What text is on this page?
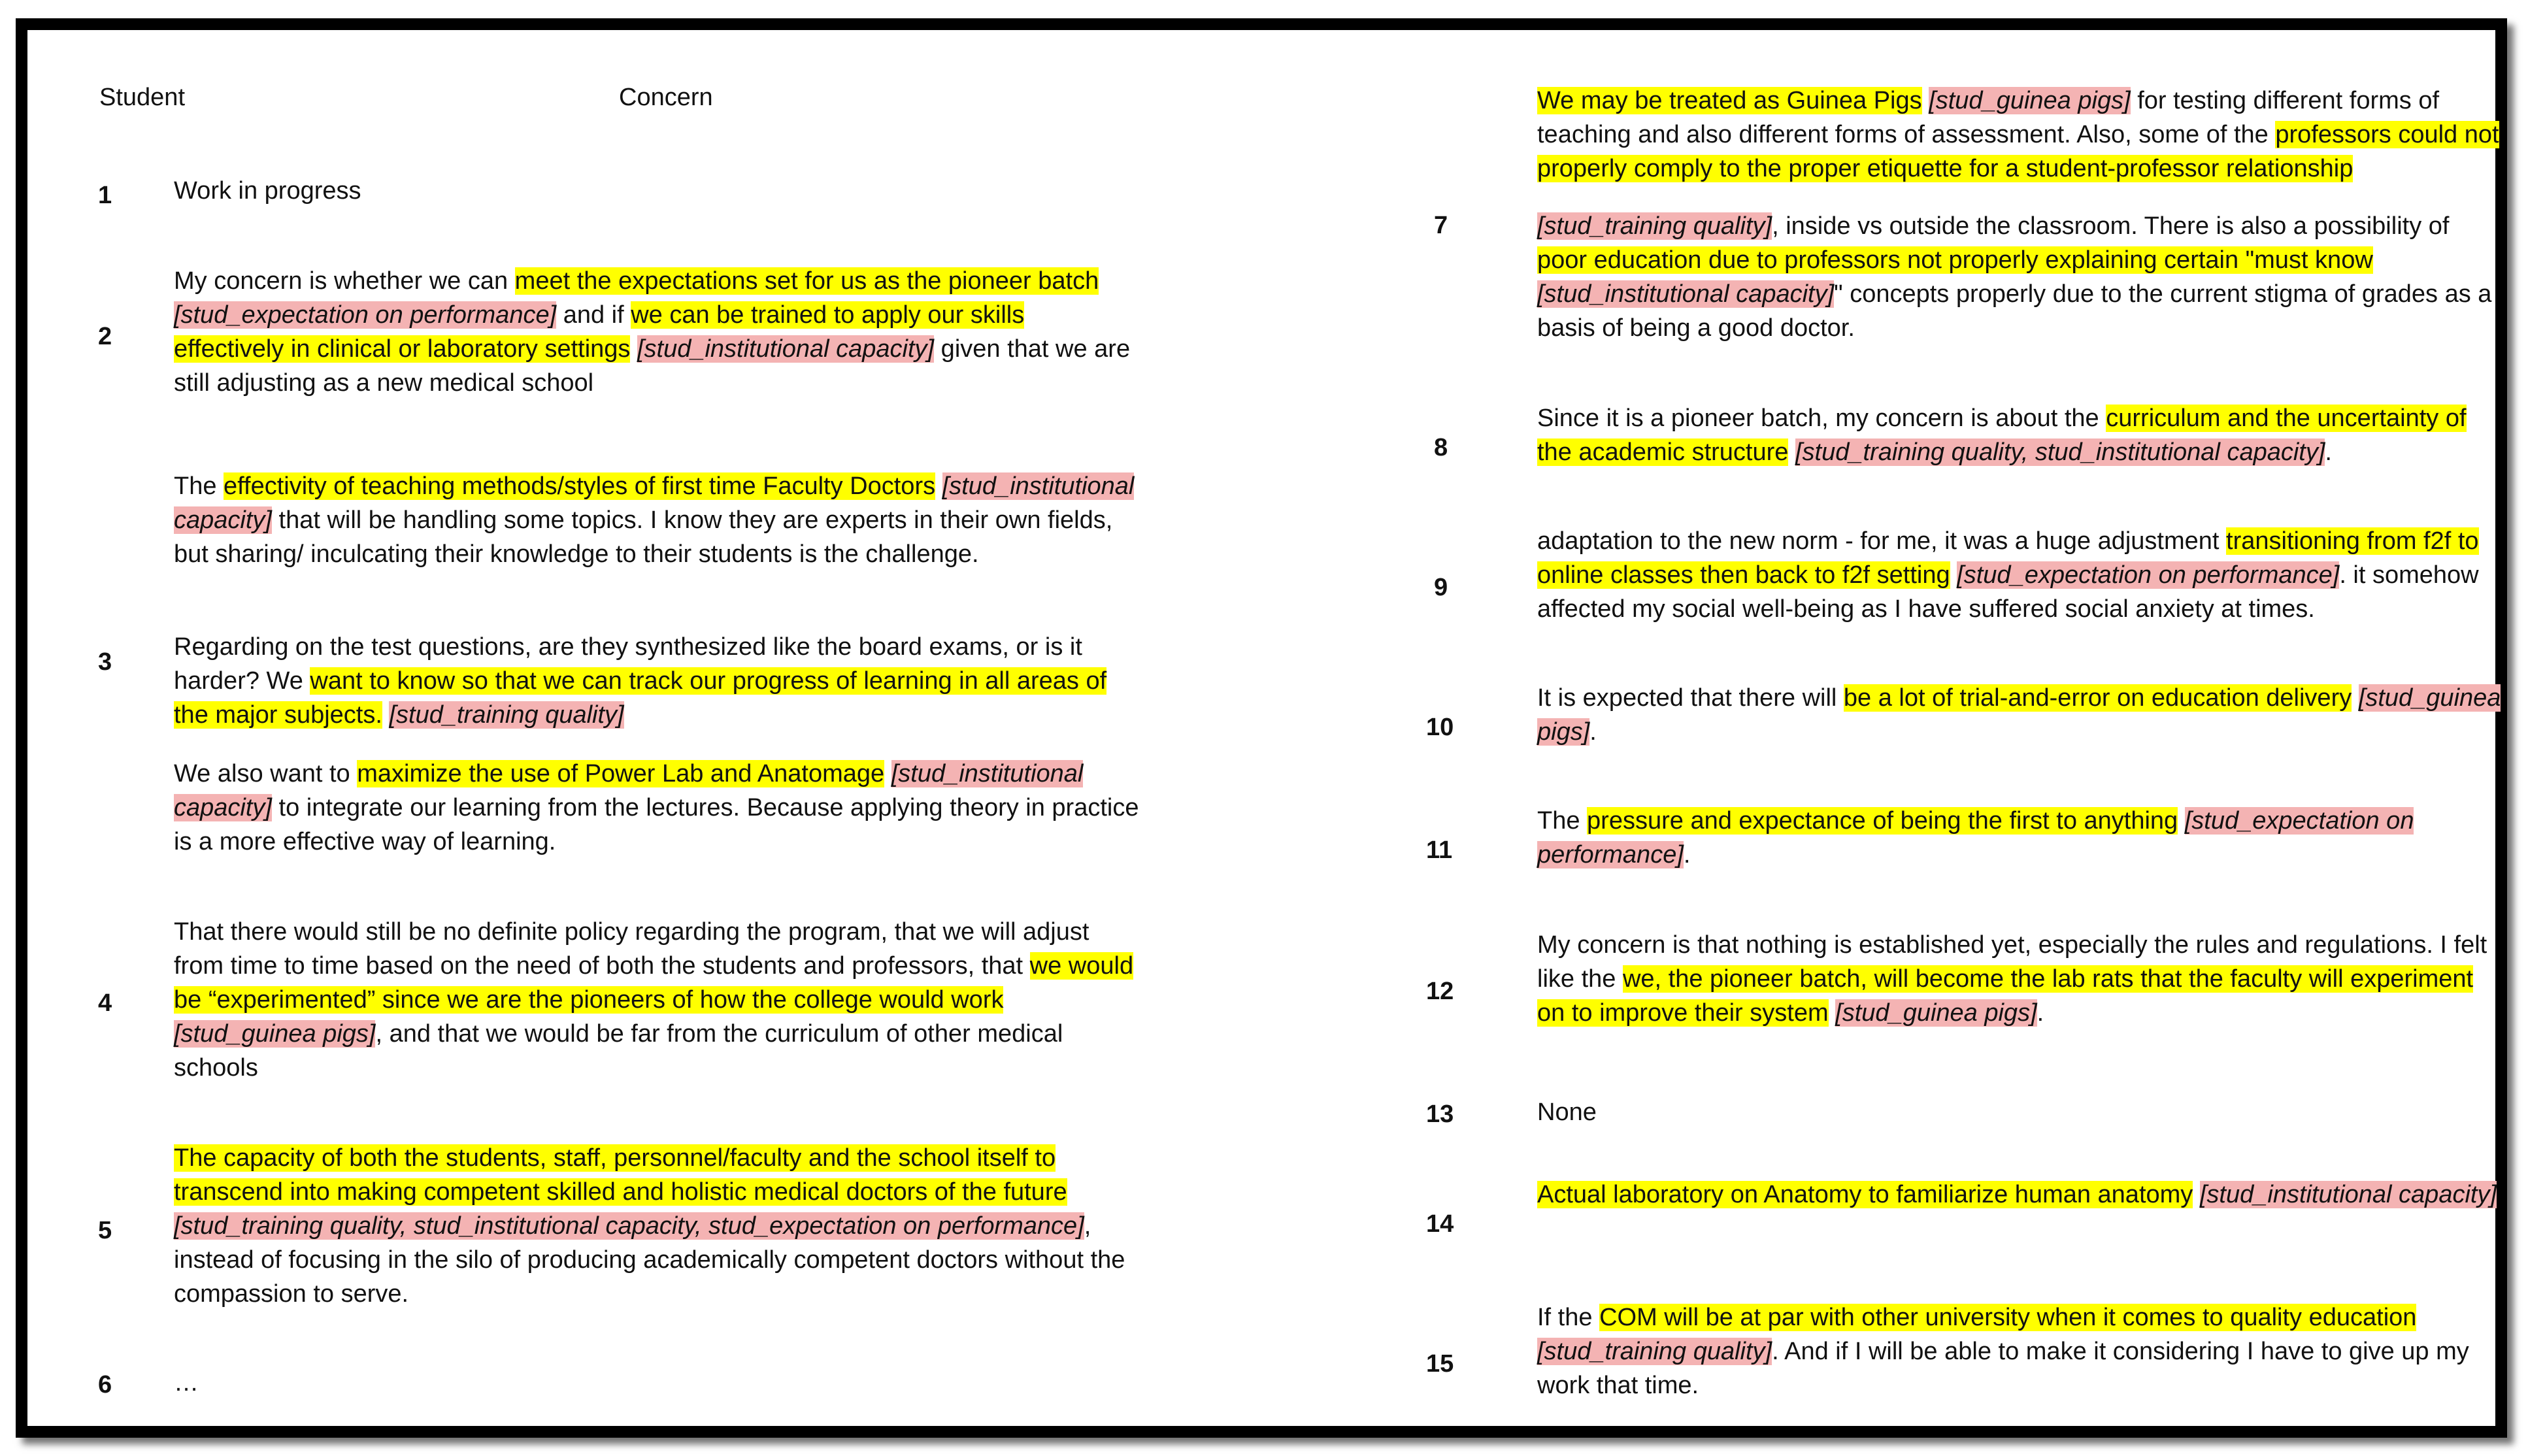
Student	Concern
1 Work in progress
2
My concern is whether we can meet the expectations set for us as the pioneer batch [stud_expectation on performance] and if we can be trained to apply our skills effectively in clinical or laboratory settings [stud_institutional capacity] given that we are still adjusting as a new medical school
3
The effectivity of teaching methods/styles of first time Faculty Doctors [stud_institutional capacity] that will be handling some topics. I know they are experts in their own fields, but sharing/ inculcating their knowledge to their students is the challenge.
Regarding on the test questions, are they synthesized like the board exams, or is it harder? We want to know so that we can track our progress of learning in all areas of the major subjects. [stud_training quality]
We also want to maximize the use of Power Lab and Anatomage [stud_institutional capacity] to integrate our learning from the lectures. Because applying theory in practice is a more effective way of learning.
4
That there would still be no definite policy regarding the program, that we will adjust from time to time based on the need of both the students and professors, that we would be “experimented” since we are the pioneers of how the college would work [stud_guinea pigs], and that we would be far from the curriculum of other medical schools
5
The capacity of both the students, staff, personnel/faculty and the school itself to transcend into making competent skilled and holistic medical doctors of the future [stud_training quality, stud_institutional capacity, stud_expectation on performance], instead of focusing in the silo of producing academically competent doctors without the compassion to serve.
6 …
7
We may be treated as Guinea Pigs [stud_guinea pigs] for testing different forms of teaching and also different forms of assessment. Also, some of the professors could not properly comply to the proper etiquette for a student-professor relationship
[stud_training quality], inside vs outside the classroom. There is also a possibility of poor education due to professors not properly explaining certain "must know [stud_institutional capacity]" concepts properly due to the current stigma of grades as a basis of being a good doctor.
8
Since it is a pioneer batch, my concern is about the curriculum and the uncertainty of the academic structure [stud_training quality, stud_institutional capacity].
9
adaptation to the new norm - for me, it was a huge adjustment transitioning from f2f to online classes then back to f2f setting [stud_expectation on performance]. it somehow affected my social well-being as I have suffered social anxiety at times.
10
It is expected that there will be a lot of trial-and-error on education delivery [stud_guinea pigs].
11
The pressure and expectance of being the first to anything [stud_expectation on performance].
12
My concern is that nothing is established yet, especially the rules and regulations. I felt like the we, the pioneer batch, will become the lab rats that the faculty will experiment on to improve their system [stud_guinea pigs].
13	None
14
Actual laboratory on Anatomy to familiarize human anatomy [stud_institutional capacity]
15
If the COM will be at par with other university when it comes to quality education [stud_training quality]. And if I will be able to make it considering I have to give up my work that time.
